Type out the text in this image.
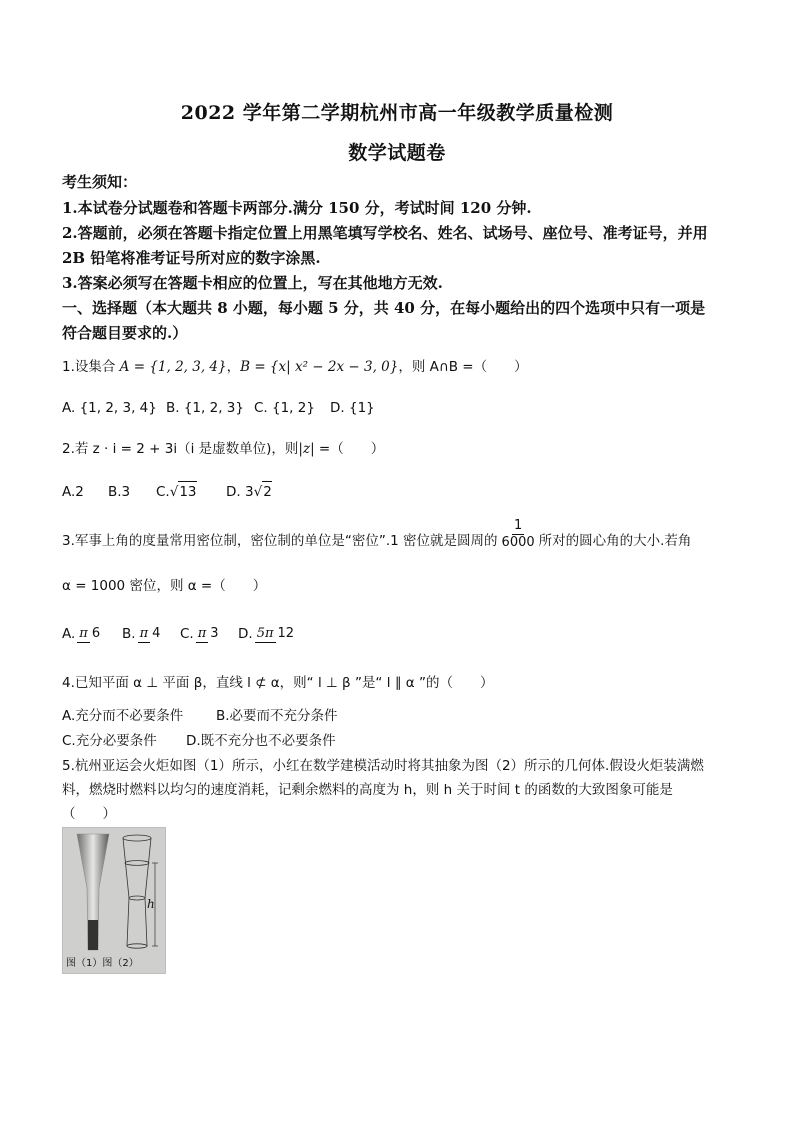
2022 学年第二学期杭州市高一年级教学质量检测
数学试题卷
考生须知：
1.本试卷分试题卷和答题卡两部分.满分 150 分，考试时间 120 分钟.
2.答题前，必须在答题卡指定位置上用黑笔填写学校名、姓名、试场号、座位号、准考证号，并用
2B 铅笔将准考证号所对应的数字涂黑.
3.答案必须写在答题卡相应的位置上，写在其他地方无效.
一、选择题（本大题共 8 小题，每小题 5 分，共 40 分，在每小题给出的四个选项中只有一项是
符合题目要求的.）
1.设集合 A = {1, 2, 3, 4}，B = {x| x² − 2x − 3, 0}，则 A∩B =（　　）
A. {1, 2, 3, 4} B. {1, 2, 3} C. {1, 2} D. {1}
2.若 z · i = 2 + 3i（i 是虚数单位)，则|z| =（　　）
A.2 B.3 C.√13 D. 3√2
3.军事上角的度量常用密位制，密位制的单位是“密位”.1 密位就是圆周的 $\frac{1}{6000}$ 所对的圆心角的大小.若角
α = 1000 密位，则 α =（　　）
A. π 6 B. π 4 C. π 3 D. 5π 12
4.已知平面 α ⊥ 平面 β，直线 l ⊄ α，则“ l ⊥ β ”是“ l ∥ α ”的（　　）
A.充分而不必要条件 B.必要而不充分条件
C.充分必要条件 D.既不充分也不必要条件
5.杭州亚运会火炬如图（1）所示，小红在数学建模活动时将其抽象为图（2）所示的几何体.假设火炬装满燃
料，燃烧时燃料以均匀的速度消耗，记剩余燃料的高度为 h，则 h 关于时间 t 的函数的大致图象可能是
（　　）
h
图（1）图（2）
